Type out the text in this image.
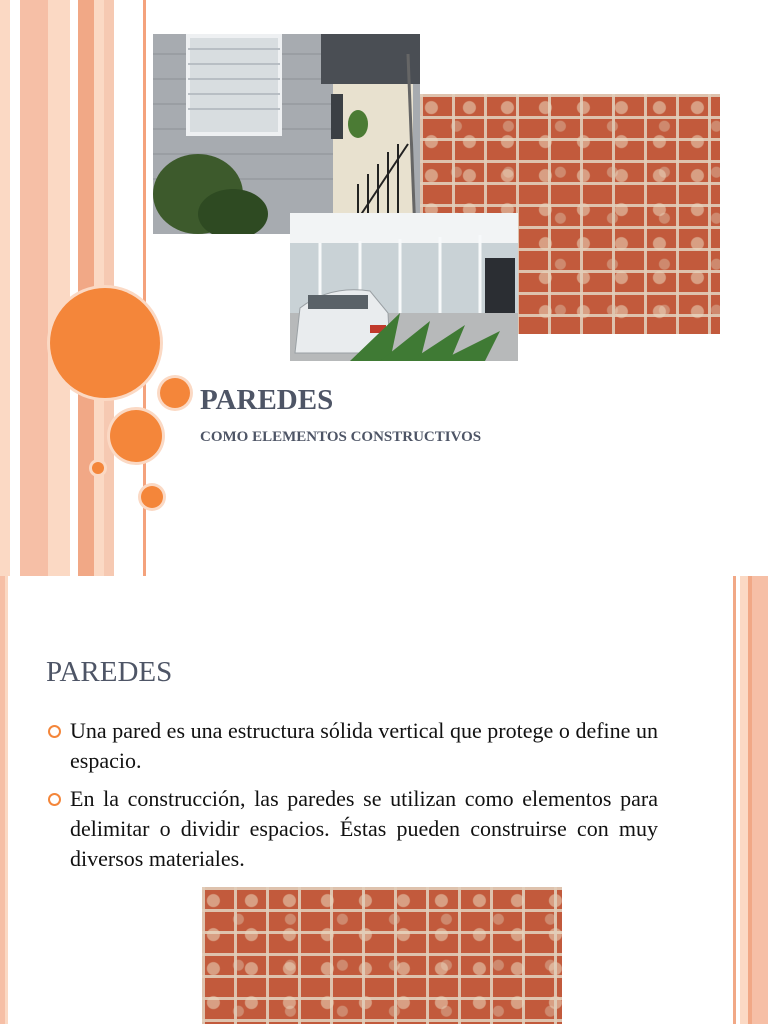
PAREDES
COMO ELEMENTOS CONSTRUCTIVOS
PAREDES
Una pared es una estructura sólida vertical que protege o define un espacio.
En la construcción, las paredes se utilizan como elementos para delimitar o dividir espacios. Éstas pueden construirse con muy diversos materiales.
